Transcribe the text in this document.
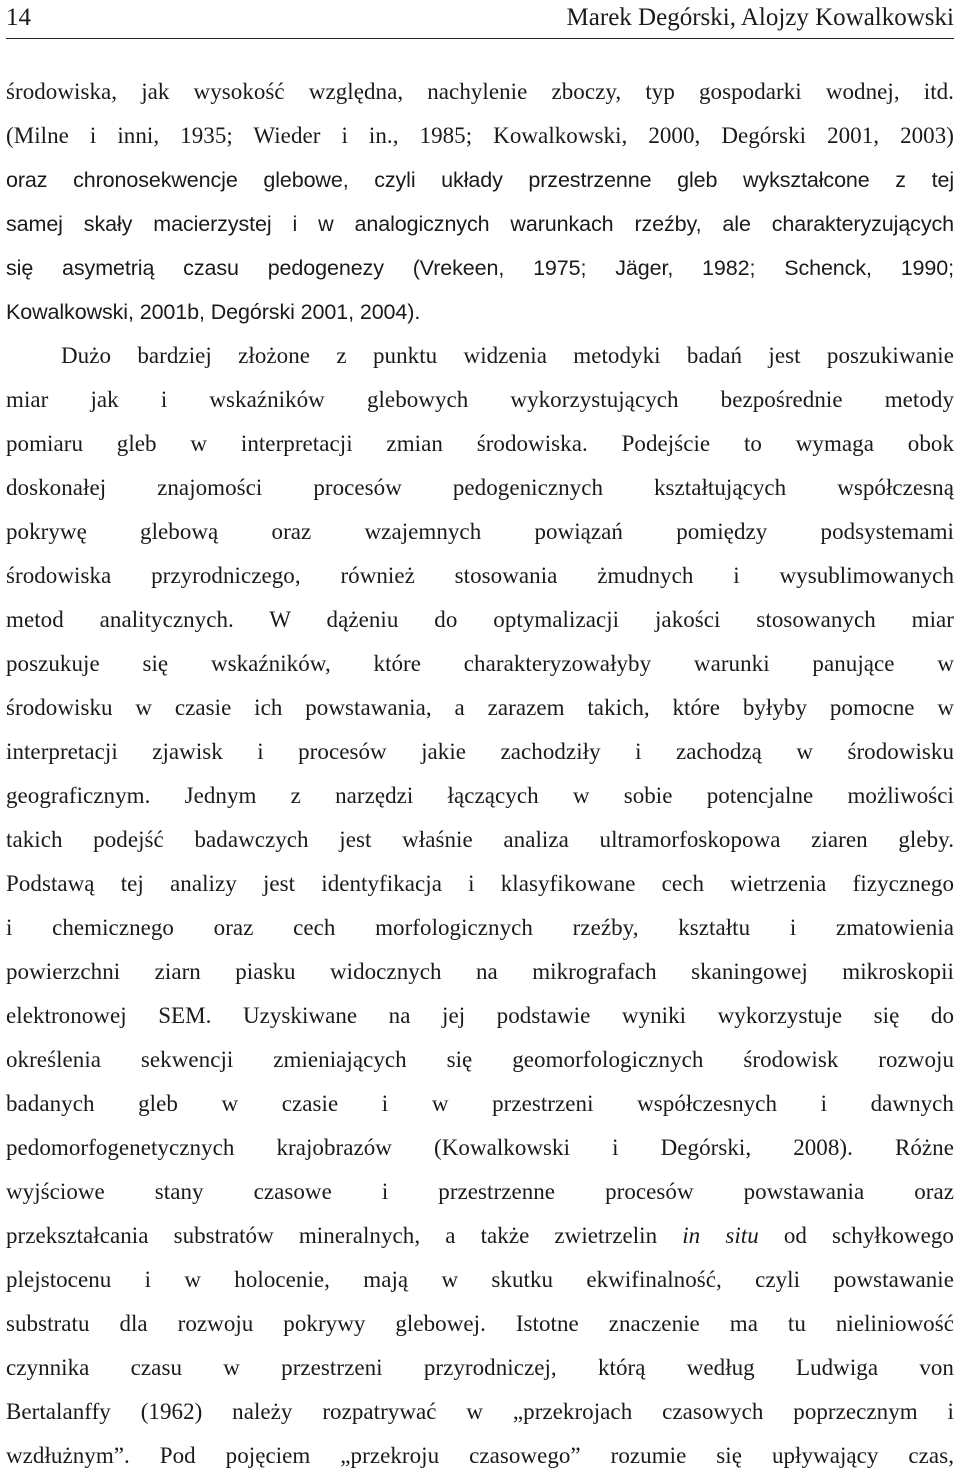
14	Marek Degórski, Alojzy Kowalkowski
środowiska, jak wysokość względna, nachylenie zboczy, typ gospodarki wodnej, itd.
(Milne i inni, 1935; Wieder i in., 1985; Kowalkowski, 2000, Degórski 2001, 2003)
oraz chronosekwencje glebowe, czyli układy przestrzenne gleb wykształcone z tej
samej skały macierzystej i w analogicznych warunkach rzeźby, ale charakteryzujących
się asymetrią czasu pedogenezy (Vrekeen, 1975; Jäger, 1982; Schenck, 1990;
Kowalkowski, 2001b, Degórski 2001, 2004).
Dużo bardziej złożone z punktu widzenia metodyki badań jest poszukiwanie
miar jak i wskaźników glebowych wykorzystujących bezpośrednie metody
pomiaru gleb w interpretacji zmian środowiska. Podejście to wymaga obok
doskonałej znajomości procesów pedogenicznych kształtujących współczesną
pokrywę glebową oraz wzajemnych powiązań pomiędzy podsystemami
środowiska przyrodniczego, również stosowania żmudnych i wysublimowanych
metod analitycznych. W dążeniu do optymalizacji jakości stosowanych miar
poszukuje się wskaźników, które charakteryzowałyby warunki panujące w
środowisku w czasie ich powstawania, a zarazem takich, które byłyby pomocne w
interpretacji zjawisk i procesów jakie zachodziły i zachodzą w środowisku
geograficznym. Jednym z narzędzi łączących w sobie potencjalne możliwości
takich podejść badawczych jest właśnie analiza ultramorfoskopowa ziaren gleby.
Podstawą tej analizy jest identyfikacja i klasyfikowane cech wietrzenia fizycznego
i chemicznego oraz cech morfologicznych rzeźby, kształtu i zmatowienia
powierzchni ziarn piasku widocznych na mikrografach skaningowej mikroskopii
elektronowej SEM. Uzyskiwane na jej podstawie wyniki wykorzystuje się do
określenia sekwencji zmieniających się geomorfologicznych środowisk rozwoju
badanych gleb w czasie i w przestrzeni współczesnych i dawnych
pedomorfogenetycznych krajobrazów (Kowalkowski i Degórski, 2008). Różne
wyjściowe stany czasowe i przestrzenne procesów powstawania oraz
przekształcania substratów mineralnych, a także zwietrzelin in situ od schyłkowego
plejstocenu i w holocenie, mają w skutku ekwifinalność, czyli powstawanie
substratu dla rozwoju pokrywy glebowej. Istotne znaczenie ma tu nieliniowość
czynnika czasu w przestrzeni przyrodniczej, którą według Ludwiga von
Bertalanffy (1962) należy rozpatrywać w „przekrojach czasowych poprzecznym i
wzdłużnym”. Pod pojęciem „przekroju czasowego” rozumie się upływający czas,
